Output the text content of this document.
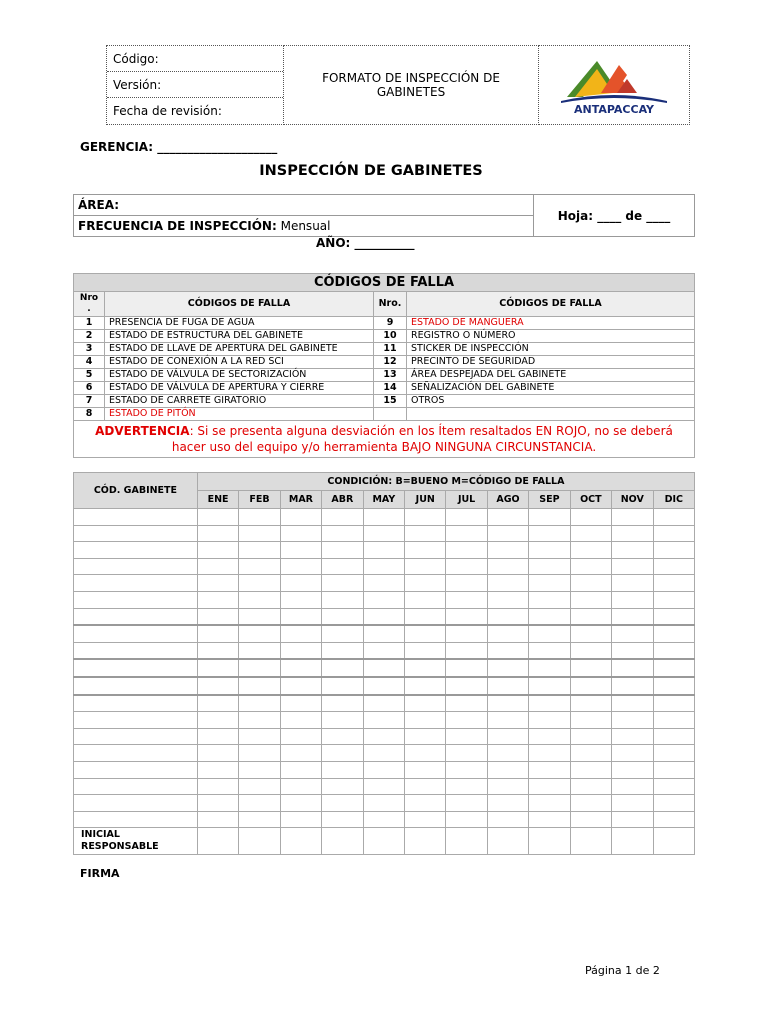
Código:
Versión:
Fecha de revisión:
	FORMATO DE INSPECCIÓN DE GABINETES	
ANTAPACCAY
GERENCIA: ____________________
INSPECCIÓN DE GABINETES
ÁREA:	Hoja: ____ de ____
FRECUENCIA DE INSPECCIÓN: Mensual
AÑO: __________
CÓDIGOS DE FALLA			
Nro .	CÓDIGOS DE FALLA	Nro.	CÓDIGOS DE FALLA
1	PRESENCIA DE FUGA DE AGUA	9	ESTADO DE MANGUERA
2	ESTADO DE ESTRUCTURA DEL GABINETE	10	REGISTRO O NÚMERO
3	ESTADO DE LLAVE DE APERTURA DEL GABINETE	11	STICKER DE INSPECCIÓN
4	ESTADO DE CONEXIÓN A LA RED SCI	12	PRECINTO DE SEGURIDAD
5	ESTADO DE VÁLVULA DE SECTORIZACIÓN	13	ÁREA DESPEJADA DEL GABINETE
6	ESTADO DE VÁLVULA DE APERTURA Y CIERRE	14	SEÑALIZACIÓN DEL GABINETE
7	ESTADO DE CARRETE GIRATORIO	15	OTROS
8	ESTADO DE PITÓN		
ADVERTENCIA: Si se presenta alguna desviación en los Ítem resaltados EN ROJO, no se deberá hacer uso del equipo y/o herramienta BAJO NINGUNA CIRCUNSTANCIA.			
CÓD. GABINETE	CONDICIÓN: B=BUENO M=CÓDIGO DE FALLA											
	ENE	FEB	MAR	ABR	MAY	JUN	JUL	AGO	SEP	OCT	NOV	DIC

INICIAL
RESPONSABLE												

FIRMA
Página 1 de 2
